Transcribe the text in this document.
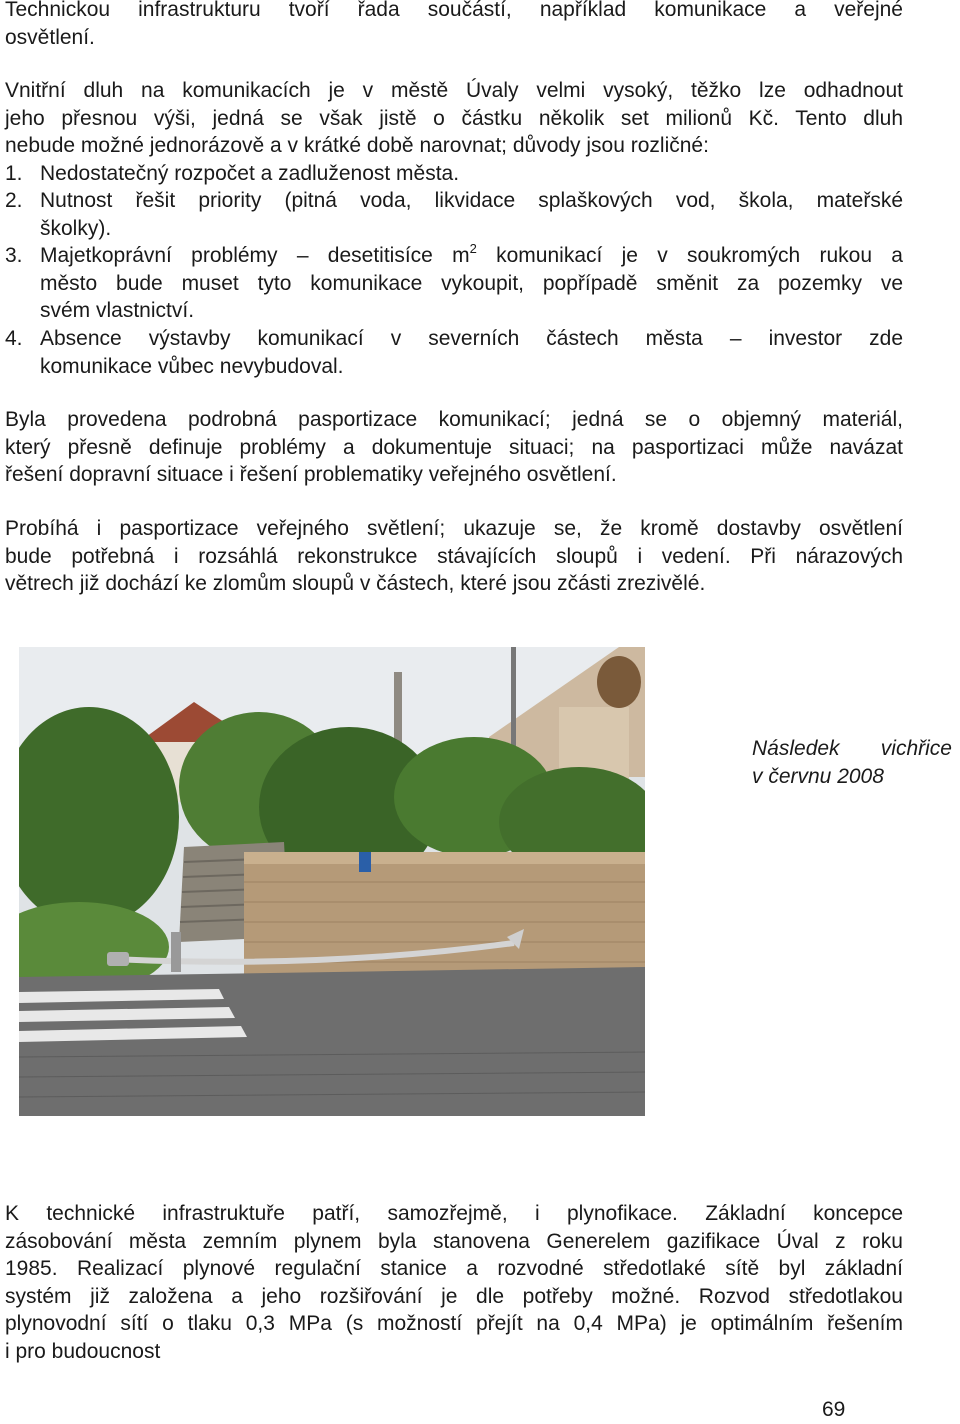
Technickou infrastrukturu tvoří řada součástí, například komunikace a veřejné
osvětlení.
Vnitřní dluh na komunikacích je v městě Úvaly velmi vysoký, těžko lze odhadnout
jeho přesnou výši, jedná se však jistě o částku několik set milionů Kč. Tento dluh
nebude možné jednorázově a v krátké době narovnat; důvody jsou rozličné:
1. Nedostatečný rozpočet a zadluženost města.
2. Nutnost řešit priority (pitná voda, likvidace splaškových vod, škola, mateřské
školky).
3. Majetkoprávní problémy – desetitisíce $m^2$ komunikací je v soukromých rukou a
město bude muset tyto komunikace vykoupit, popřípadě směnit za pozemky ve
svém vlastnictví.
4. Absence výstavby komunikací v severních částech města – investor zde
komunikace vůbec nevybudoval.
Byla provedena podrobná pasportizace komunikací; jedná se o objemný materiál,
který přesně definuje problémy a dokumentuje situaci; na pasportizaci může navázat
řešení dopravní situace i řešení problematiky veřejného osvětlení.
Probíhá i pasportizace veřejného světlení; ukazuje se, že kromě dostavby osvětlení
bude potřebná i rozsáhlá rekonstrukce stávajících sloupů i vedení. Při nárazových
větrech již dochází ke zlomům sloupů v částech, které jsou zčásti zrezivělé.
Následek vichřice
v červnu 2008
K technické infrastruktuře patří, samozřejmě, i plynofikace. Základní koncepce
zásobování města zemním plynem byla stanovena Generelem gazifikace Úval z roku
1985. Realizací plynové regulační stanice a rozvodné středotlaké sítě byl základní
systém již založena a jeho rozšiřování je dle potřeby možné. Rozvod středotlakou
plynovodní sítí o tlaku 0,3 MPa (s možností přejít na 0,4 MPa) je optimálním řešením
i pro budoucnost
69
